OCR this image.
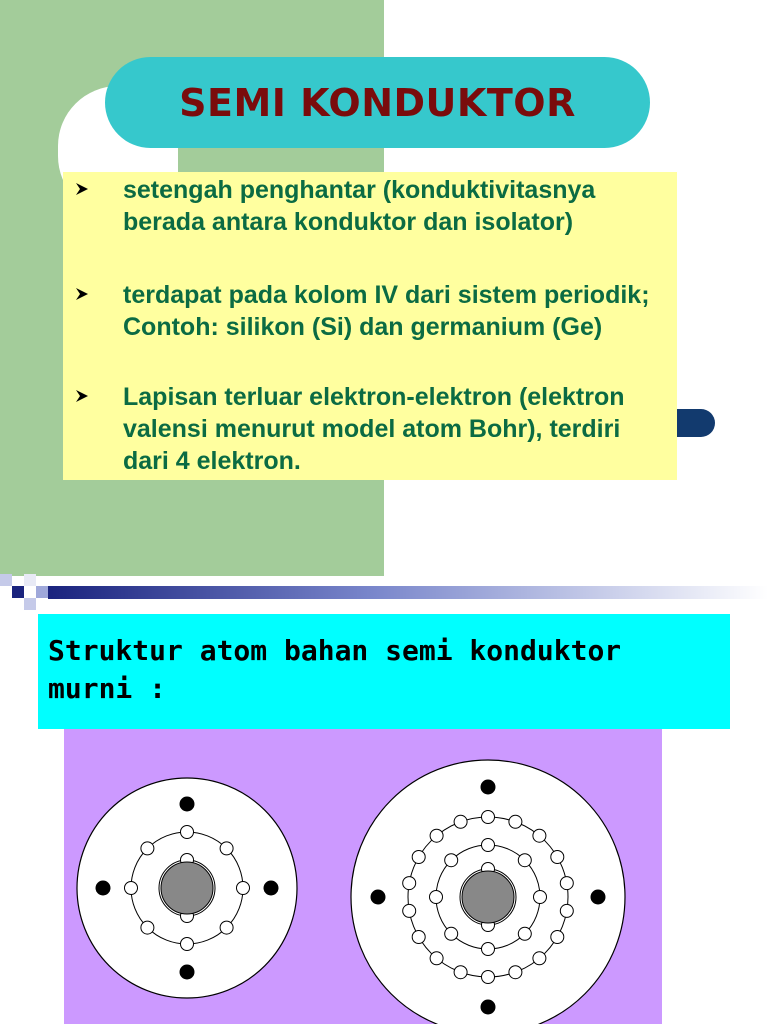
SEMI KONDUKTOR

setengah penghantar (konduktivitasnya berada antara konduktor dan isolator)

terdapat pada kolom IV dari sistem periodik; Contoh: silikon (Si) dan germanium (Ge)

Lapisan terluar elektron-elektron (elektron valensi menurut model atom Bohr), terdiri dari 4 elektron.

Struktur atom bahan semi konduktor murni :
